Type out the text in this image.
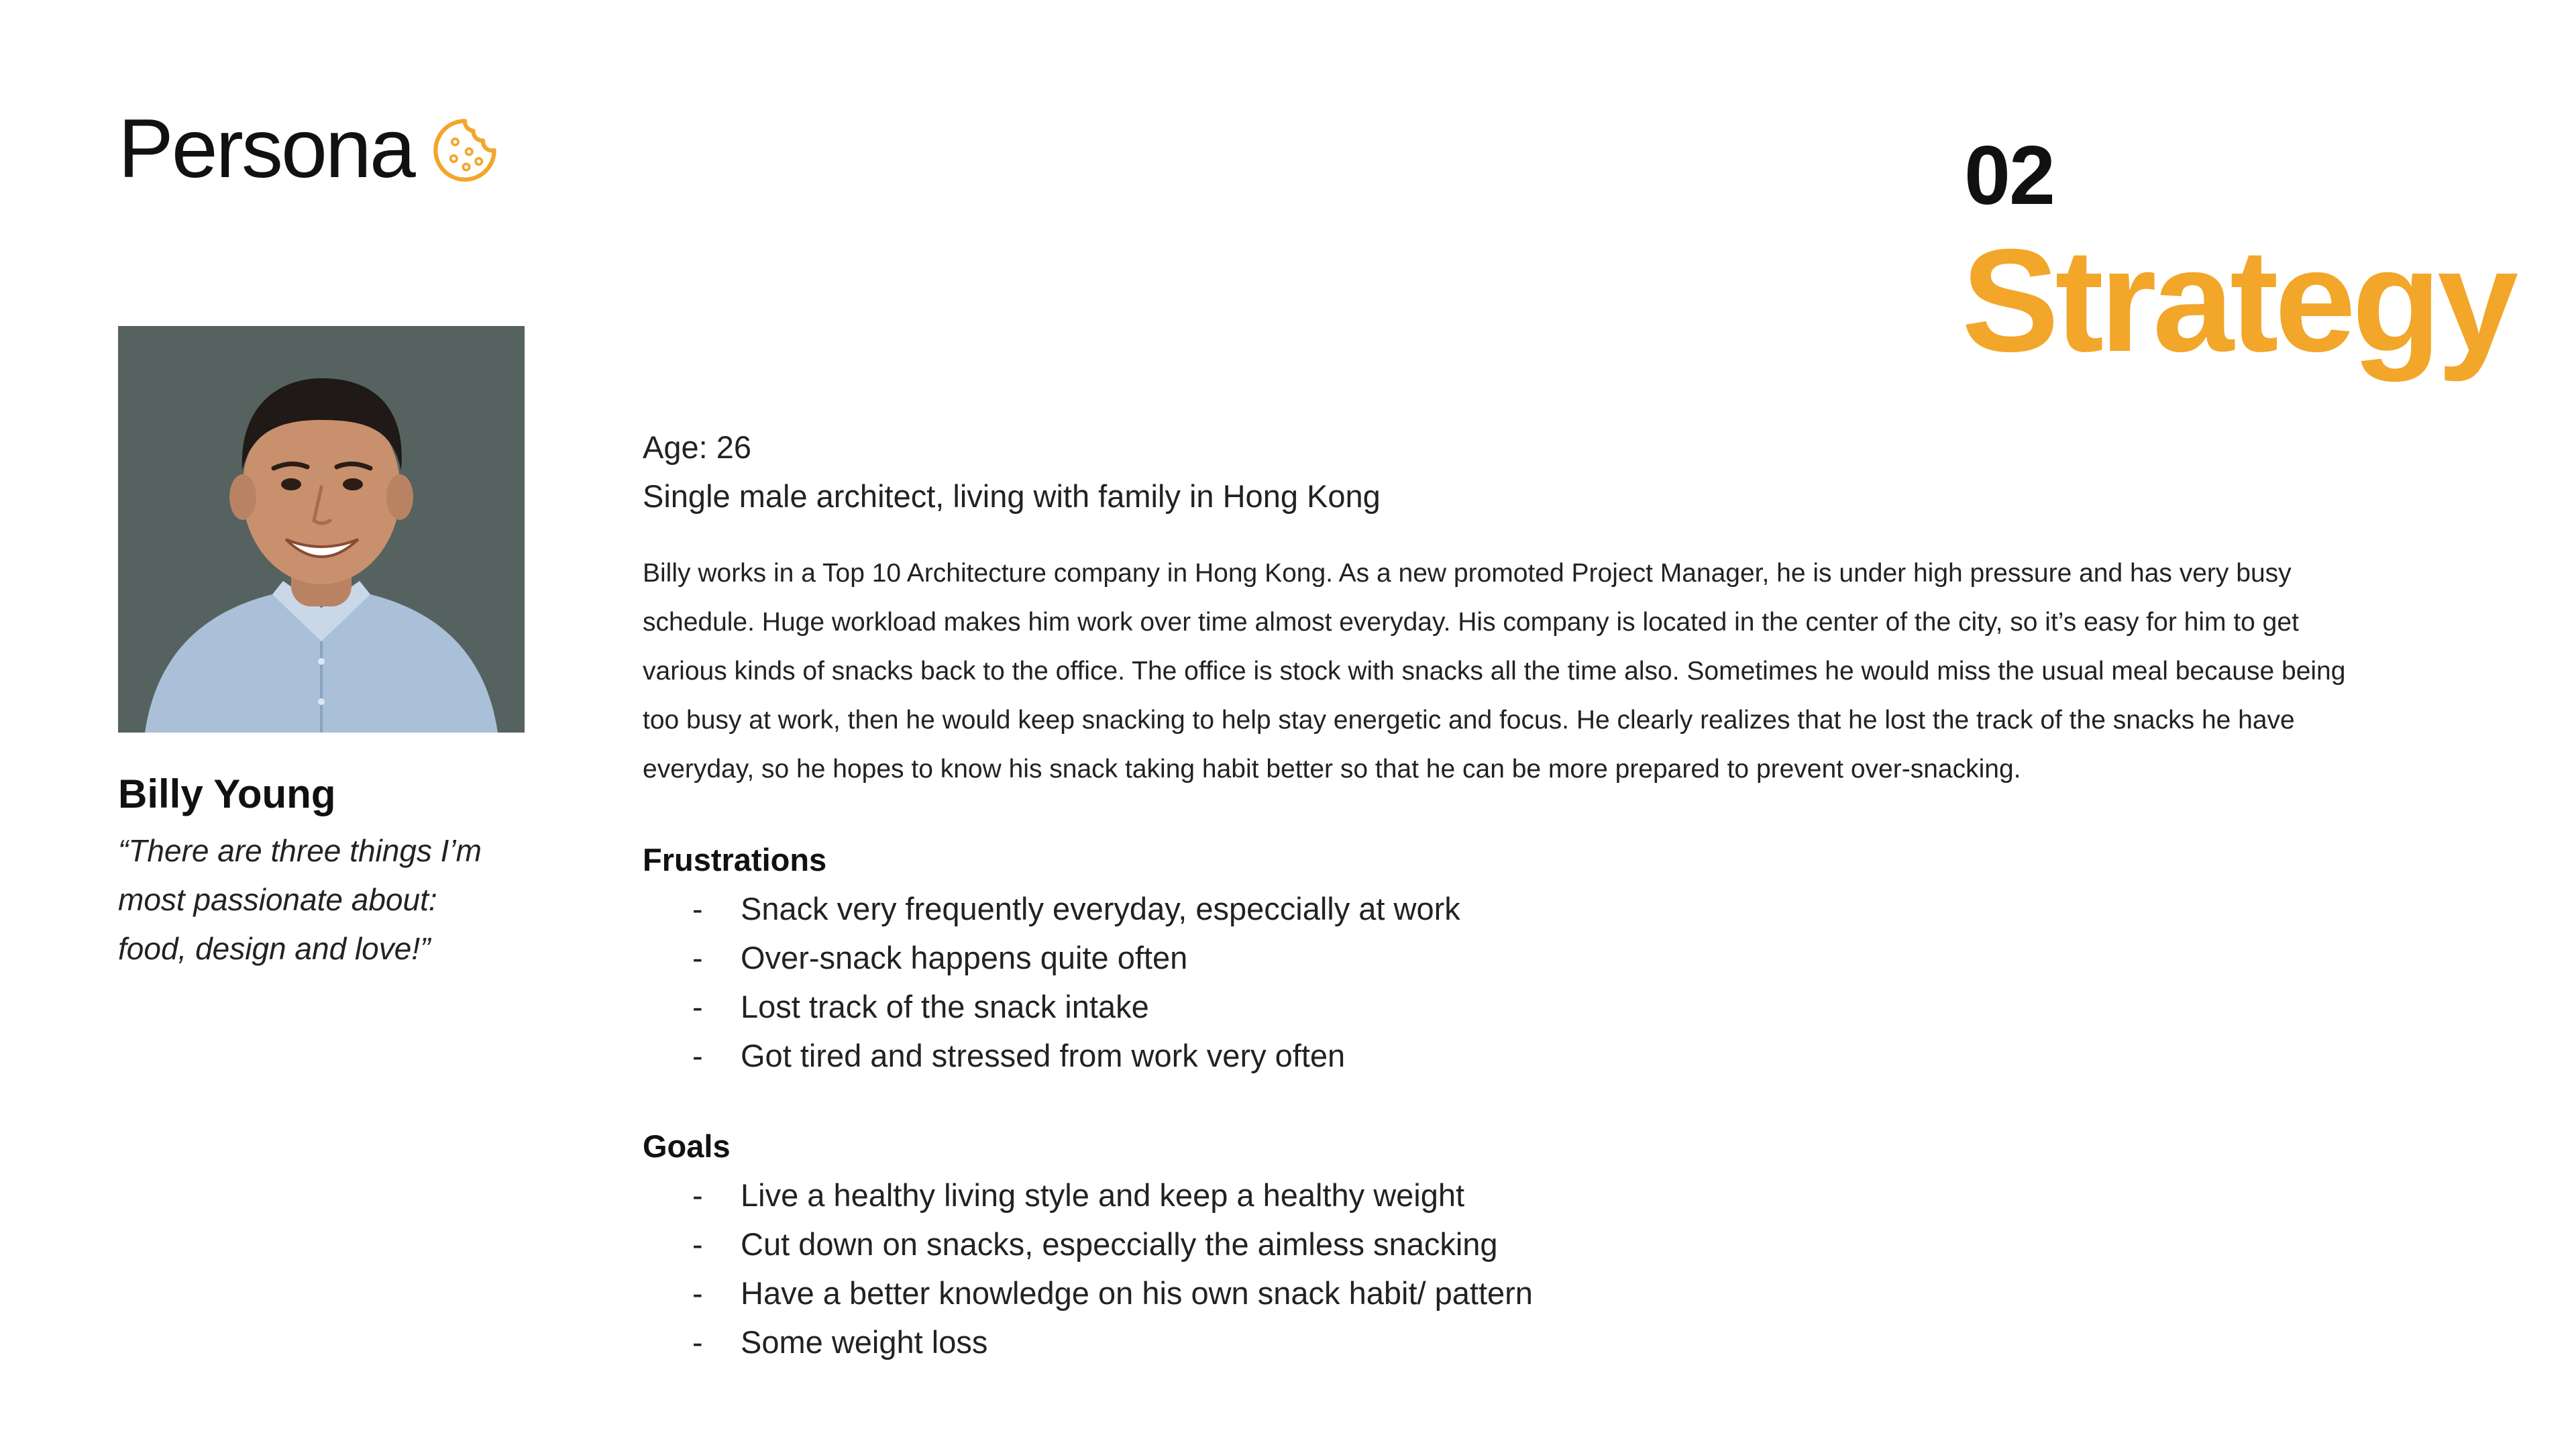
Persona	02
Strategy
Billy Young
“There are three things I’m
most passionate about:
food, design and love!”
Age: 26
Single male architect, living with family in Hong Kong
Billy works in a Top 10 Architecture company in Hong Kong. As a new promoted Project Manager, he is under high pressure and has very busy
schedule. Huge workload makes him work over time almost everyday. His company is located in the center of the city, so it’s easy for him to get
various kinds of snacks back to the office. The office is stock with snacks all the time also. Sometimes he would miss the usual meal because being
too busy at work, then he would keep snacking to help stay energetic and focus. He clearly realizes that he lost the track of the snacks he have
everyday, so he hopes to know his snack taking habit better so that he can be more prepared to prevent over-snacking.
Frustrations
-	Snack very frequently everyday, especcially at work
-	Over-snack happens quite often
-	Lost track of the snack intake
-	Got tired and stressed from work very often
Goals
-	Live a healthy living style and keep a healthy weight
-	Cut down on snacks, especcially the aimless snacking
-	Have a better knowledge on his own snack habit/ pattern
-	Some weight loss
